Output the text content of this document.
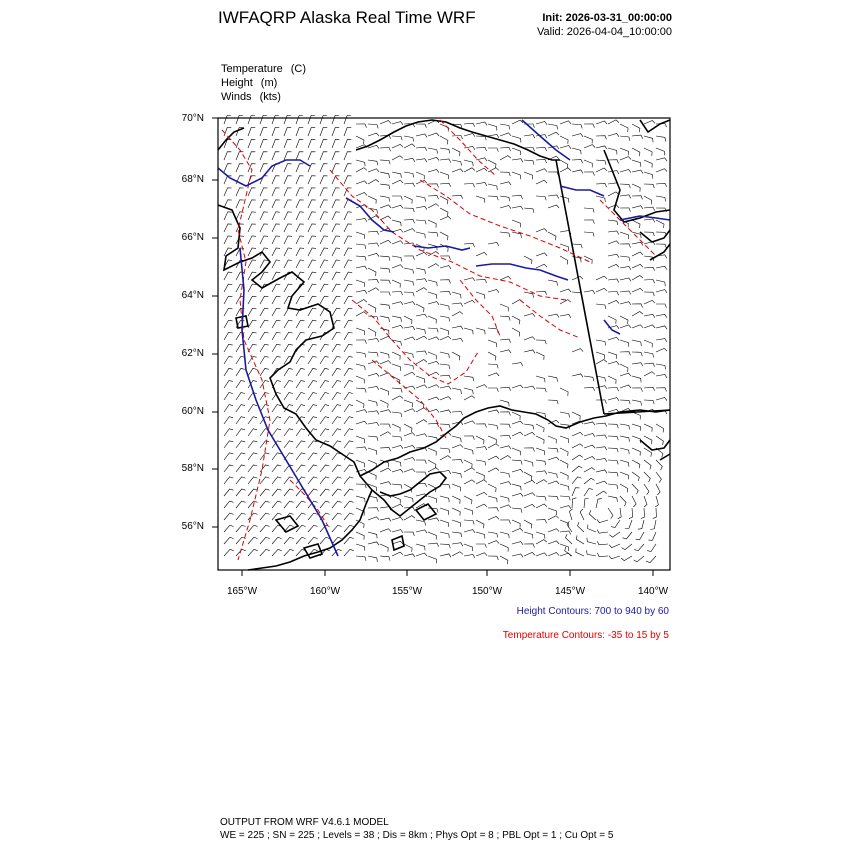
IWFAQRP Alaska Real Time WRF	Init: 2026-03-31_00:00:00
Valid: 2026-04-04_10:00:00
Temperature (C)
Height (m)
Winds (kts)
70°N
68°N
66°N
64°N
62°N
60°N
58°N
56°N
165°W	160°W	155°W	150°W	145°W	140°W
Height Contours: 700 to 940 by 60
Temperature Contours: -35 to 15 by 5
OUTPUT FROM WRF V4.6.1 MODEL
WE = 225 ; SN = 225 ; Levels = 38 ; Dis = 8km ; Phys Opt = 8 ; PBL Opt = 1 ; Cu Opt = 5
